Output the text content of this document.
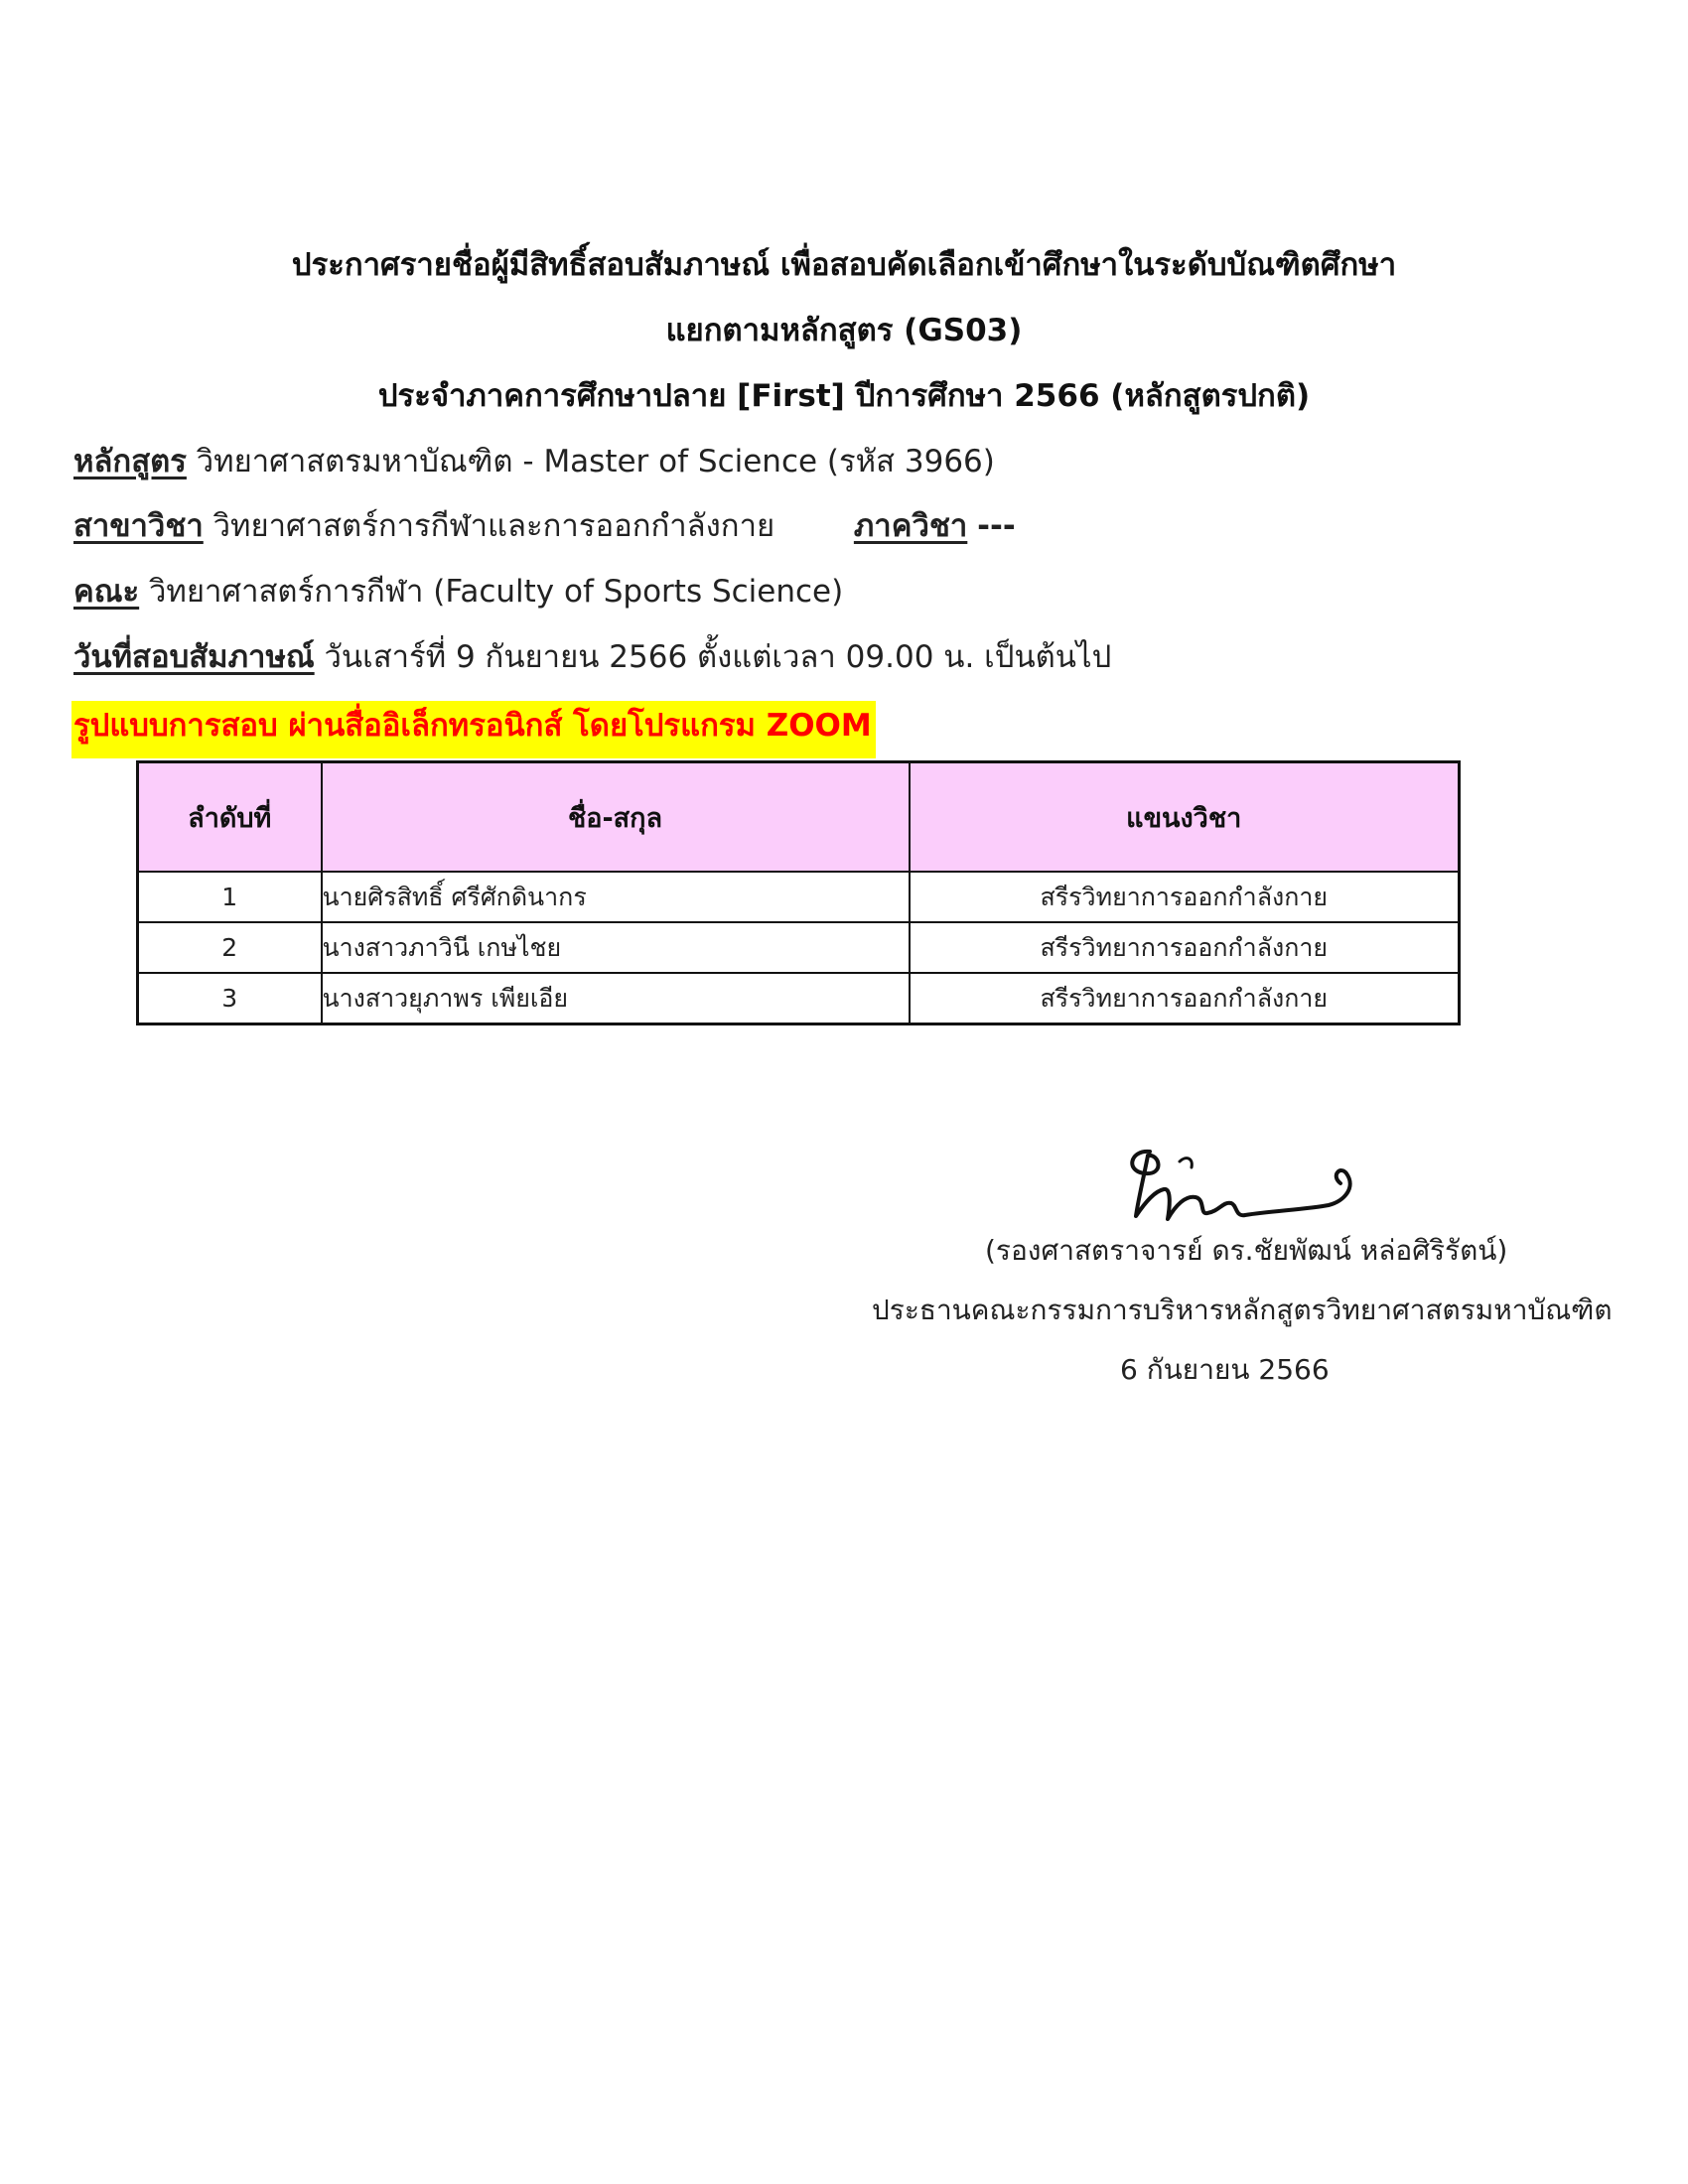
ประกาศรายชื่อผู้มีสิทธิ์สอบสัมภาษณ์ เพื่อสอบคัดเลือกเข้าศึกษาในระดับบัณฑิตศึกษา
แยกตามหลักสูตร (GS03)
ประจำภาคการศึกษาปลาย [First] ปีการศึกษา 2566 (หลักสูตรปกติ)
หลักสูตร วิทยาศาสตรมหาบัณฑิต - Master of Science (รหัส 3966)
สาขาวิชา วิทยาศาสตร์การกีฬาและการออกกำลังกาย	ภาควิชา ---
คณะ วิทยาศาสตร์การกีฬา (Faculty of Sports Science)
วันที่สอบสัมภาษณ์ วันเสาร์ที่ 9 กันยายน 2566 ตั้งแต่เวลา 09.00 น. เป็นต้นไป
รูปแบบการสอบ ผ่านสื่ออิเล็กทรอนิกส์ โดยโปรแกรม ZOOM
ลำดับที่	ชื่อ-สกุล	แขนงวิชา
1	นายศิรสิทธิ์ ศรีศักดินากร	สรีรวิทยาการออกกำลังกาย
2	นางสาวภาวินี เกษไชย	สรีรวิทยาการออกกำลังกาย
3	นางสาวยุภาพร เพียเอีย	สรีรวิทยาการออกกำลังกาย
(รองศาสตราจารย์ ดร.ชัยพัฒน์ หล่อศิริรัตน์)
ประธานคณะกรรมการบริหารหลักสูตรวิทยาศาสตรมหาบัณฑิต
6 กันยายน 2566
